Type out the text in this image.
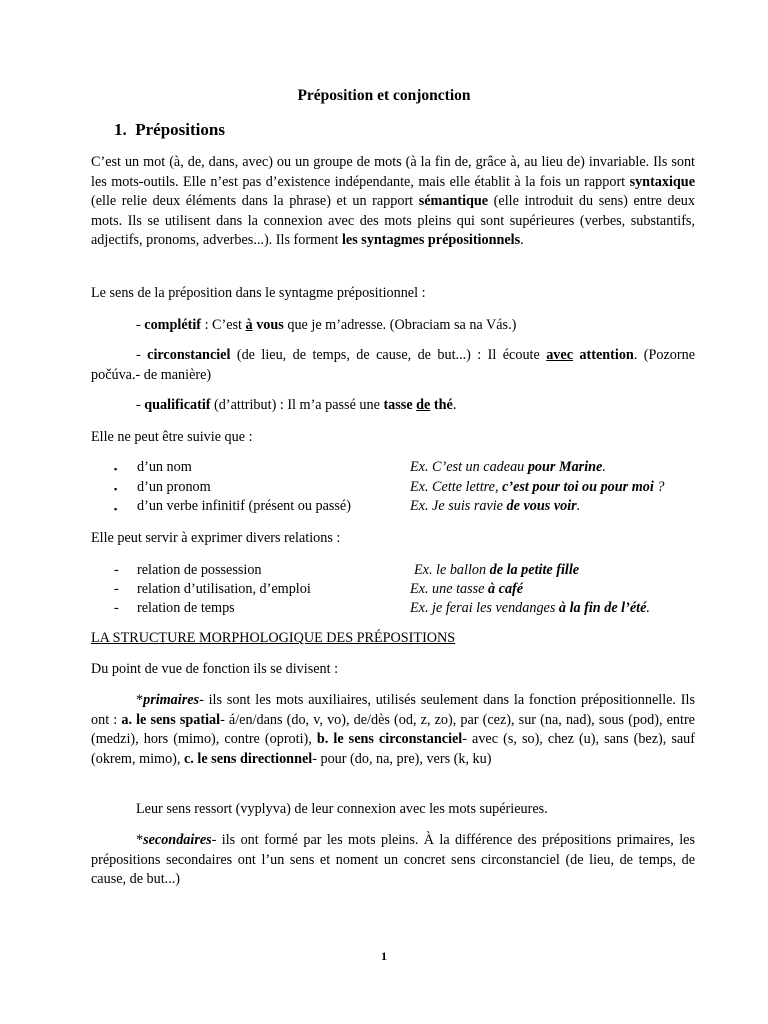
Préposition et conjonction
1. Prépositions
C’est un mot (à, de, dans, avec) ou un groupe de mots (à la fin de, grâce à, au lieu de) invariable. Ils sont les mots-outils. Elle n’est pas d’existence indépendante, mais elle établit à la fois un rapport syntaxique (elle relie deux éléments dans la phrase) et un rapport sémantique (elle introduit du sens) entre deux mots. Ils se utilisent dans la connexion avec des mots pleins qui sont supérieures (verbes, substantifs, adjectifs, pronoms, adverbes...). Ils forment les syntagmes prépositionnels.
Le sens de la préposition dans le syntagme prépositionnel :
- complétif : C’est à vous que je m’adresse. (Obraciam sa na Vás.)
- circonstanciel (de lieu, de temps, de cause, de but...) : Il écoute avec attention. (Pozorne počúva.- de manière)
- qualificatif (d’attribut) : Il m’a passé une tasse de thé.
Elle ne peut être suivie que :
▪ d’un nom	Ex. C’est un cadeau pour Marine.
▪ d’un pronom	Ex. Cette lettre, c’est pour toi ou pour moi ?
▪ d’un verbe infinitif (présent ou passé)	Ex. Je suis ravie de vous voir.
Elle peut servir à exprimer divers relations :
- relation de possession	Ex. le ballon de la petite fille
- relation d’utilisation, d’emploi	Ex. une tasse à café
- relation de temps	Ex. je ferai les vendanges à la fin de l’été.
LA STRUCTURE MORPHOLOGIQUE DES PRÉPOSITIONS
Du point de vue de fonction ils se divisent :
*primaires- ils sont les mots auxiliaires, utilisés seulement dans la fonction prépositionnelle. Ils ont : a. le sens spatial- á/en/dans (do, v, vo), de/dès (od, z, zo), par (cez), sur (na, nad), sous (pod), entre (medzi), hors (mimo), contre (oproti), b. le sens circonstanciel- avec (s, so), chez (u), sans (bez), sauf (okrem, mimo), c. le sens directionnel- pour (do, na, pre), vers (k, ku)
Leur sens ressort (vyplyva) de leur connexion avec les mots supérieures.
*secondaires- ils ont formé par les mots pleins. À la différence des prépositions primaires, les prépositions secondaires ont l’un sens et noment un concret sens circonstanciel (de lieu, de temps, de cause, de but...)
1
